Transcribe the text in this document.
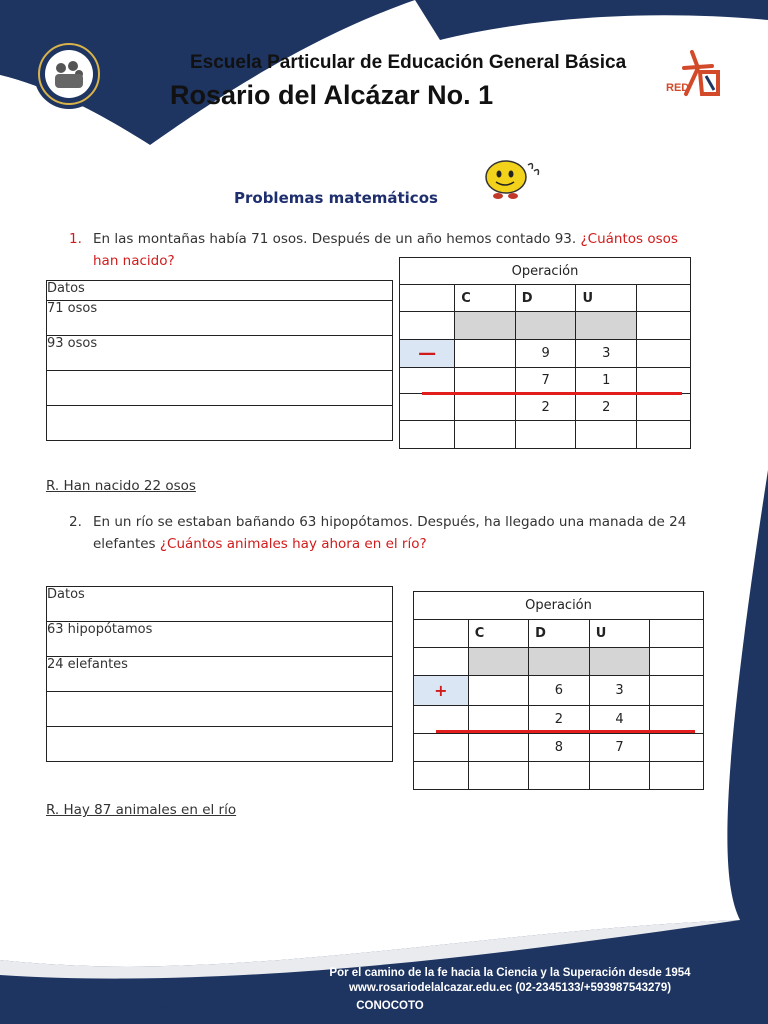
Escuela Particular de Educación General Básica
Rosario del Alcázar No. 1	RED
Problemas matemáticos
1. En las montañas había 71 osos. Después de un año hemos contado 93. ¿Cuántos osos
han nacido?
Datos
71 osos
93 osos

Operación				
	C	D	U	

—		9	3	
		7	1	
		2	2	

R. Han nacido 22 osos
2. En un río se estaban bañando 63 hipopótamos. Después, ha llegado una manada de 24
elefantes ¿Cuántos animales hay ahora en el río?
Datos
63 hipopótamos
24 elefantes

Operación				
	C	D	U	

+		6	3	
		2	4	
		8	7	

R. Hay 87 animales en el río
Por el camino de la fe hacia la Ciencia y la Superación desde 1954
www.rosariodelalcazar.edu.ec (02-2345133/+593987543279)
CONOCOTO
